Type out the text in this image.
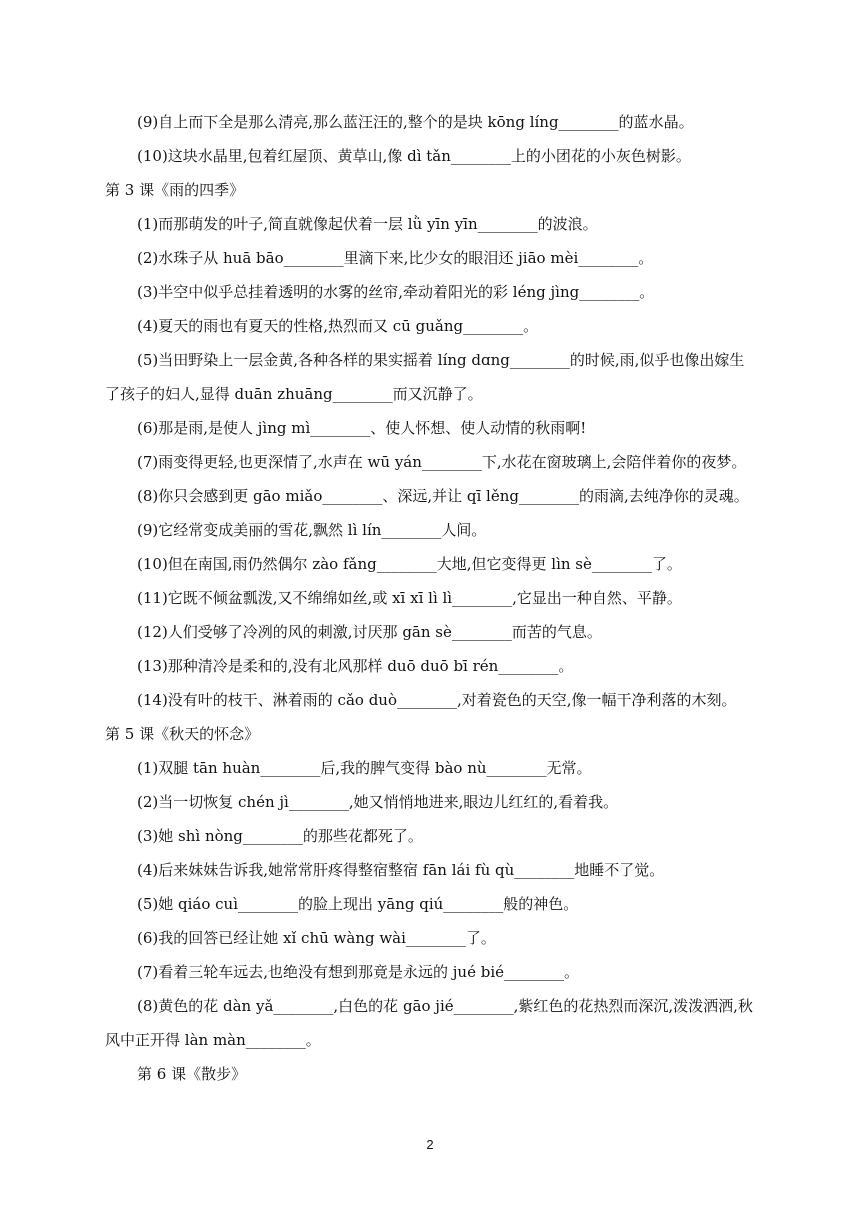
(9)自上而下全是那么清亮,那么蓝汪汪的,整个的是块 kōng líng________的蓝水晶。
(10)这块水晶里,包着红屋顶、黄草山,像 dì tǎn________上的小团花的小灰色树影。
第 3 课《雨的四季》
(1)而那萌发的叶子,简直就像起伏着一层 lǜ yīn yīn________的波浪。
(2)水珠子从 huā bāo________里滴下来,比少女的眼泪还 jiāo mèi________。
(3)半空中似乎总挂着透明的水雾的丝帘,牵动着阳光的彩 léng jìng________。
(4)夏天的雨也有夏天的性格,热烈而又 cū guǎng________。
(5)当田野染上一层金黄,各种各样的果实摇着 líng dɑng________的时候,雨,似乎也像出嫁生
了孩子的妇人,显得 duān zhuāng________而又沉静了。
(6)那是雨,是使人 jìng mì________、使人怀想、使人动情的秋雨啊!
(7)雨变得更轻,也更深情了,水声在 wū yán________下,水花在窗玻璃上,会陪伴着你的夜梦。
(8)你只会感到更 gāo miǎo________、深远,并让 qī lěng________的雨滴,去纯净你的灵魂。
(9)它经常变成美丽的雪花,飘然 lì lín________人间。
(10)但在南国,雨仍然偶尔 zào fǎng________大地,但它变得更 lìn sè________了。
(11)它既不倾盆瓢泼,又不绵绵如丝,或 xī xī lì lì________,它显出一种自然、平静。
(12)人们受够了冷冽的风的刺激,讨厌那 gān sè________而苦的气息。
(13)那种清冷是柔和的,没有北风那样 duō duō bī rén________。
(14)没有叶的枝干、淋着雨的 cǎo duò________,对着瓷色的天空,像一幅干净利落的木刻。
第 5 课《秋天的怀念》
(1)双腿 tān huàn________后,我的脾气变得 bào nù________无常。
(2)当一切恢复 chén jì________,她又悄悄地进来,眼边儿红红的,看着我。
(3)她 shì nòng________的那些花都死了。
(4)后来妹妹告诉我,她常常肝疼得整宿整宿 fān lái fù qù________地睡不了觉。
(5)她 qiáo cuì________的脸上现出 yāng qiú________般的神色。
(6)我的回答已经让她 xǐ chū wàng wài________了。
(7)看着三轮车远去,也绝没有想到那竟是永远的 jué bié________。
(8)黄色的花 dàn yǎ________,白色的花 gāo jié________,紫红色的花热烈而深沉,泼泼洒洒,秋
风中正开得 làn màn________。
第 6 课《散步》
2
